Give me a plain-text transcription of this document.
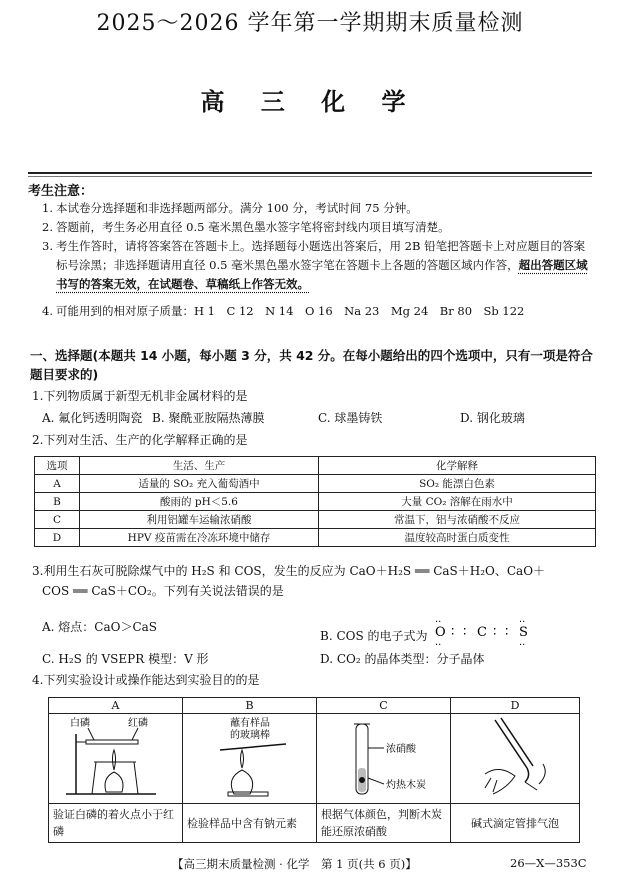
2025～2026 学年第一学期期末质量检测
高 三 化 学
考生注意：
1. 本试卷分选择题和非选择题两部分。满分 100 分，考试时间 75 分钟。
2. 答题前，考生务必用直径 0.5 毫米黑色墨水签字笔将密封线内项目填写清楚。
3. 考生作答时，请将答案答在答题卡上。选择题每小题选出答案后，用 2B 铅笔把答题卡上对应题目的答案标号涂黑；非选择题请用直径 0.5 毫米黑色墨水签字笔在答题卡上各题的答题区域内作答，超出答题区域书写的答案无效，在试题卷、草稿纸上作答无效。
4. 可能用到的相对原子质量：H 1　C 12　N 14　O 16　Na 23　Mg 24　Br 80　Sb 122
一、选择题(本题共 14 小题，每小题 3 分，共 42 分。在每小题给出的四个选项中，只有一项是符合题目要求的)
1.下列物质属于新型无机非金属材料的是
A. 氟化钙透明陶瓷 B. 聚酰亚胺隔热薄膜	C. 球墨铸铁	D. 钢化玻璃
2.下列对生活、生产的化学解释正确的是
选项	生活、生产	化学解释
A	适量的 SO₂ 充入葡萄酒中	SO₂ 能漂白色素
B	酸雨的 pH＜5.6	大量 CO₂ 溶解在雨水中
C	利用铝罐车运输浓硝酸	常温下，铝与浓硝酸不反应
D	HPV 疫苗需在冷冻环境中储存	温度较高时蛋白质变性
3.利用生石灰可脱除煤气中的 H₂S 和 COS，发生的反应为 CaO＋H₂S ══ CaS＋H₂O、CaO＋
COS ══ CaS＋CO₂。下列有关说法错误的是
A. 熔点：CaO＞CaS
B. COS 的电子式为 O
··
··
∶ ∶ C ∶ ∶ S
··
··
C. H₂S 的 VSEPR 模型：V 形	D. CO₂ 的晶体类型：分子晶体
4.下列实验设计或操作能达到实验目的的是
A	B	C	D

白磷 红磷	蘸有样品
的玻璃棒	浓硝酸
灼热木炭

验证白磷的着火点小于红磷	检验样品中含有钠元素	根据气体颜色，判断木炭能还原浓硝酸	碱式滴定管排气泡
【高三期末质量检测 · 化学　第 1 页(共 6 页)】	26—X—353C
